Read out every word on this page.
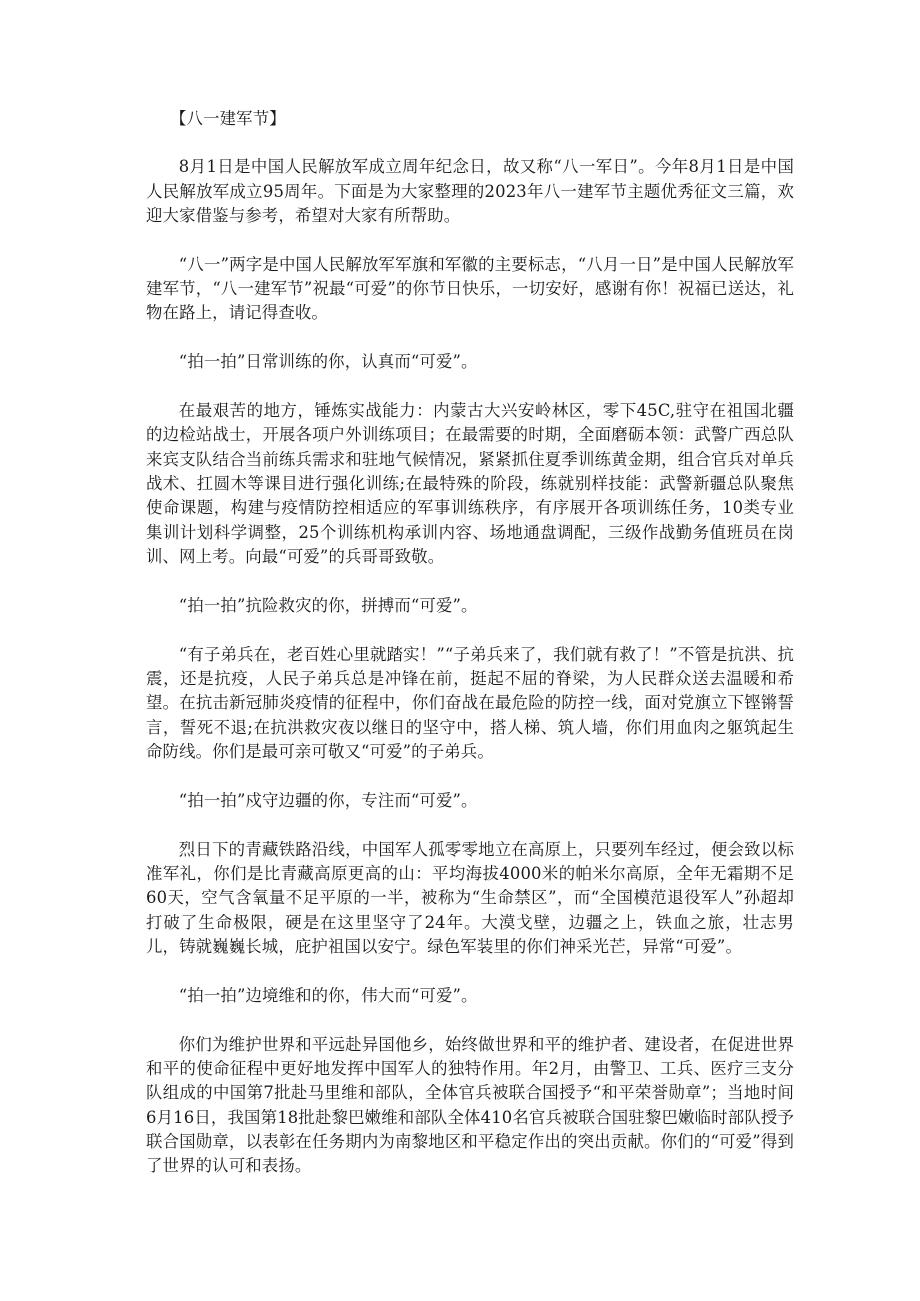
【八一建军节】

8月1日是中国人民解放军成立周年纪念日，故又称“八一军日”。今年8月1日是中国人民解放军成立95周年。下面是为大家整理的2023年八一建军节主题优秀征文三篇，欢迎大家借鉴与参考，希望对大家有所帮助。

“八一”两字是中国人民解放军军旗和军徽的主要标志，“八月一日”是中国人民解放军建军节，“八一建军节”祝最“可爱”的你节日快乐，一切安好，感谢有你！祝福已送达，礼物在路上，请记得查收。

“拍一拍”日常训练的你，认真而“可爱”。

在最艰苦的地方，锤炼实战能力：内蒙古大兴安岭林区，零下45C,驻守在祖国北疆的边检站战士，开展各项户外训练项目；在最需要的时期，全面磨砺本领：武警广西总队来宾支队结合当前练兵需求和驻地气候情况，紧紧抓住夏季训练黄金期，组合官兵对单兵战术、扛圆木等课目进行强化训练;在最特殊的阶段，练就别样技能：武警新疆总队聚焦使命课题，构建与疫情防控相适应的军事训练秩序，有序展开各项训练任务，10类专业集训计划科学调整，25个训练机构承训内容、场地通盘调配，三级作战勤务值班员在岗训、网上考。向最“可爱”的兵哥哥致敬。

“拍一拍”抗险救灾的你，拼搏而“可爱”。

“有子弟兵在，老百姓心里就踏实！”“子弟兵来了，我们就有救了！”不管是抗洪、抗震，还是抗疫，人民子弟兵总是冲锋在前，挺起不屈的脊梁，为人民群众送去温暖和希望。在抗击新冠肺炎疫情的征程中，你们奋战在最危险的防控一线，面对党旗立下铿锵誓言，誓死不退;在抗洪救灾夜以继日的坚守中，搭人梯、筑人墙，你们用血肉之躯筑起生命防线。你们是最可亲可敬又“可爱”的子弟兵。

“拍一拍”戍守边疆的你，专注而“可爱”。

烈日下的青藏铁路沿线，中国军人孤零零地立在高原上，只要列车经过，便会致以标准军礼，你们是比青藏高原更高的山：平均海拔4000米的帕米尔高原，全年无霜期不足60天，空气含氧量不足平原的一半，被称为“生命禁区”，而“全国模范退役军人”孙超却打破了生命极限，硬是在这里坚守了24年。大漠戈壁，边疆之上，铁血之旅，壮志男儿，铸就巍巍长城，庇护祖国以安宁。绿色军装里的你们神采光芒，异常“可爱”。

“拍一拍”边境维和的你，伟大而“可爱”。

你们为维护世界和平远赴异国他乡，始终做世界和平的维护者、建设者，在促进世界和平的使命征程中更好地发挥中国军人的独特作用。年2月，由警卫、工兵、医疗三支分队组成的中国第7批赴马里维和部队，全体官兵被联合国授予“和平荣誉勋章”；当地时间6月16日，我国第18批赴黎巴嫩维和部队全体410名官兵被联合国驻黎巴嫩临时部队授予联合国勋章，以表彰在任务期内为南黎地区和平稳定作出的突出贡献。你们的“可爱”得到了世界的认可和表扬。
